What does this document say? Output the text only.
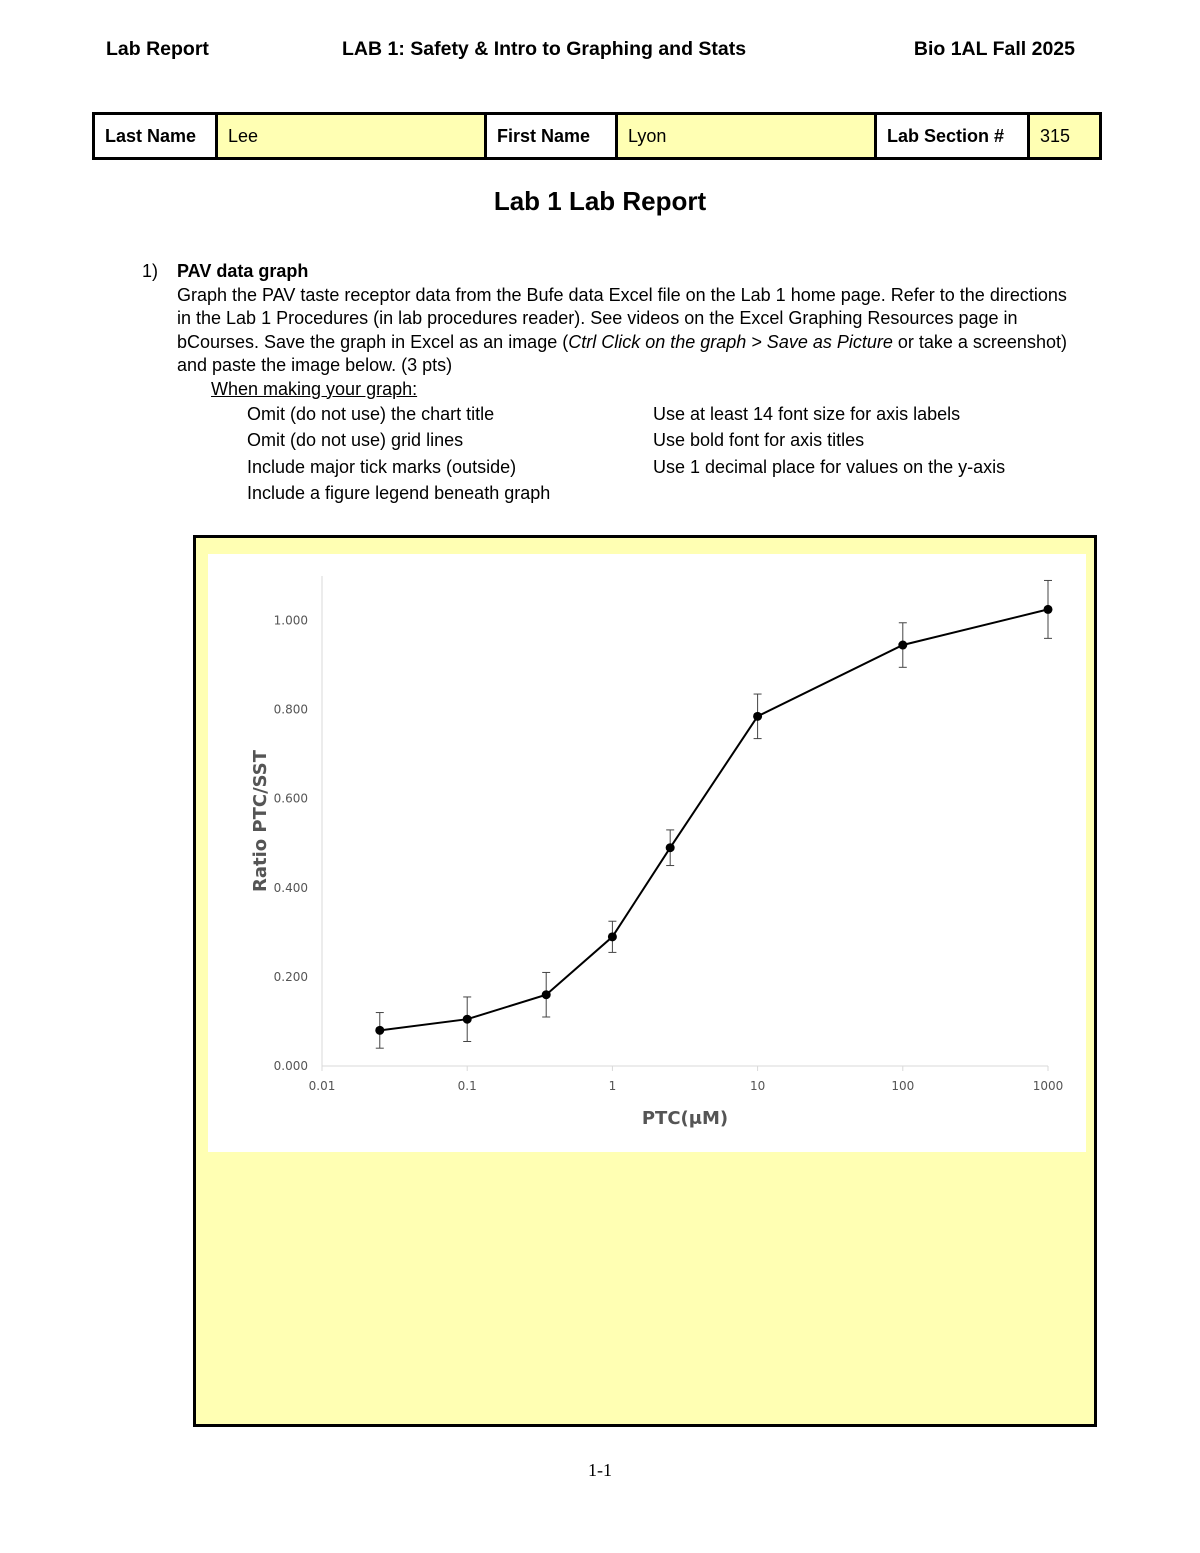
Lab Report	LAB 1: Safety & Intro to Graphing and Stats	Bio 1AL Fall 2025
Last Name	Lee	First Name	Lyon	Lab Section #	315
Lab 1 Lab Report
1) PAV data graph
Graph the PAV taste receptor data from the Bufe data Excel file on the Lab 1 home page. Refer to the directions in the Lab 1 Procedures (in lab procedures reader). See videos on the Excel Graphing Resources page in bCourses. Save the graph in Excel as an image (Ctrl Click on the graph > Save as Picture or take a screenshot) and paste the image below. (3 pts)
When making your graph:
Omit (do not use) the chart title
Omit (do not use) grid lines
Include major tick marks (outside)
Include a figure legend beneath graph
Use at least 14 font size for axis labels
Use bold font for axis titles
Use 1 decimal place for values on the y-axis
0.01	0.1	1	10	100	1000
0.000
0.200
0.400
0.600
0.800
1.000
PTC(μM)
Ratio PTC/SST
1-1
